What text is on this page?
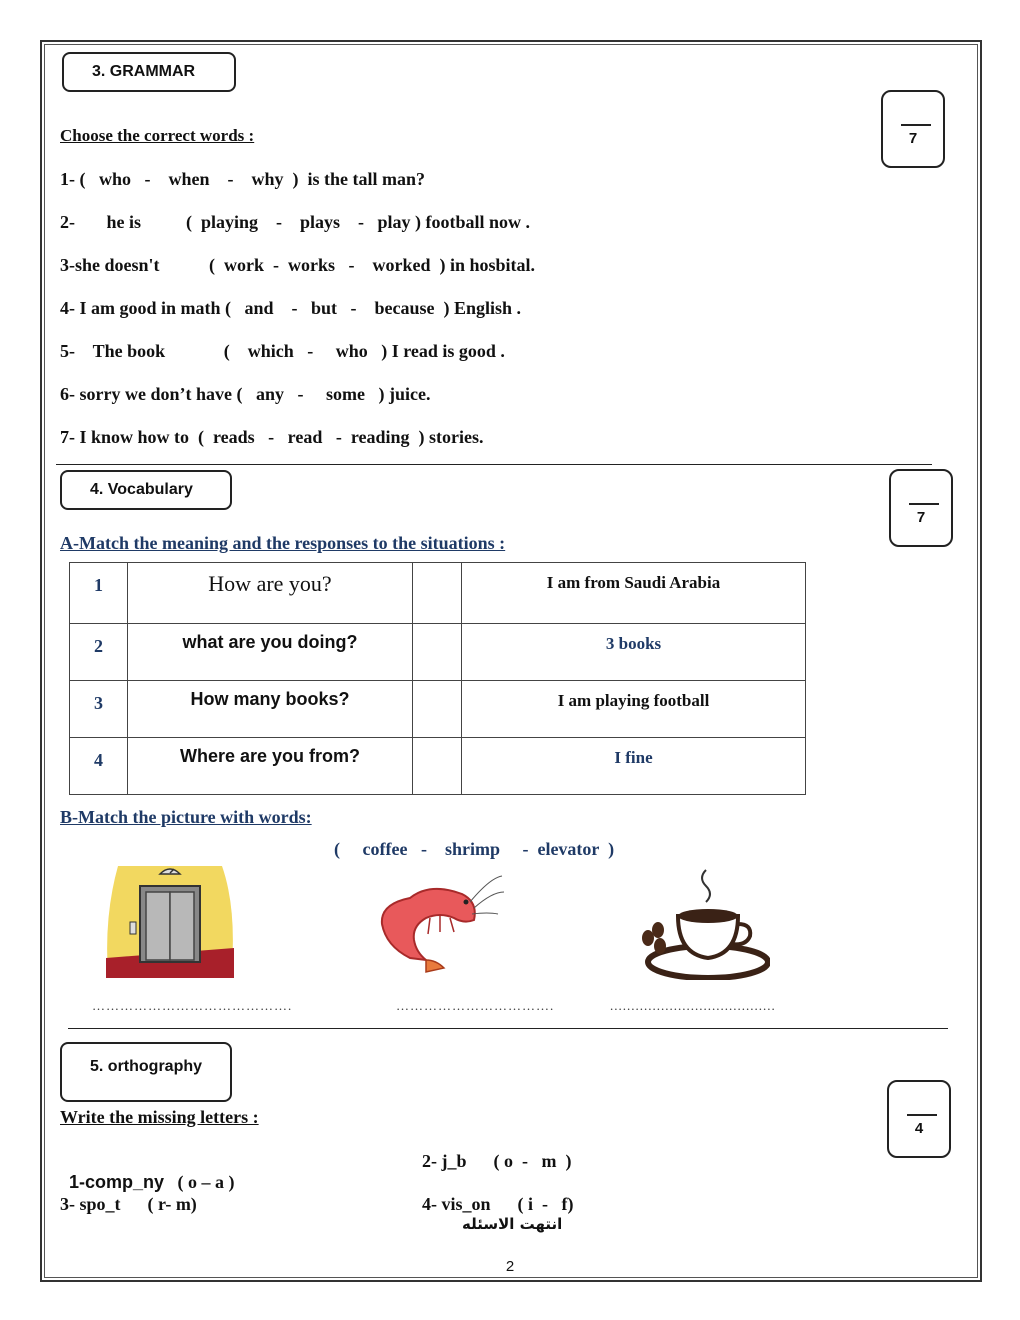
3. GRAMMAR
7
Choose the correct words :
1- (   who   -    when    -    why  )  is the tall man?
2-       he is          (  playing    -    plays    -   play ) football now .
3-she doesn't           (  work  -  works   -    worked  ) in hosbital.
4- I am good in math (   and    -   but   -    because  ) English .
5-    The book             (    which   -     who   ) I read is good .
6- sorry we don’t have (   any   -     some   ) juice.
7- I know how to  (  reads   -   read   -  reading  ) stories.
4. Vocabulary
7
A-Match the meaning and the responses to the situations :
1	How are you?		I am from Saudi Arabia
2	what are you doing?		3 books
3	How many books?		I am playing football
4	Where are you from?		I fine
B-Match the picture with words:
(     coffee   -    shrimp     -  elevator  )
…………………………………….	…………………………….	.......................................
5. orthography
4
Write the missing letters :

1-comp_ny ( o – a )

2- j_b      ( o  -   m  )
3- spo_t      ( r- m)	4- vis_on      ( i  -   f)
انتهت الاسئله
2
